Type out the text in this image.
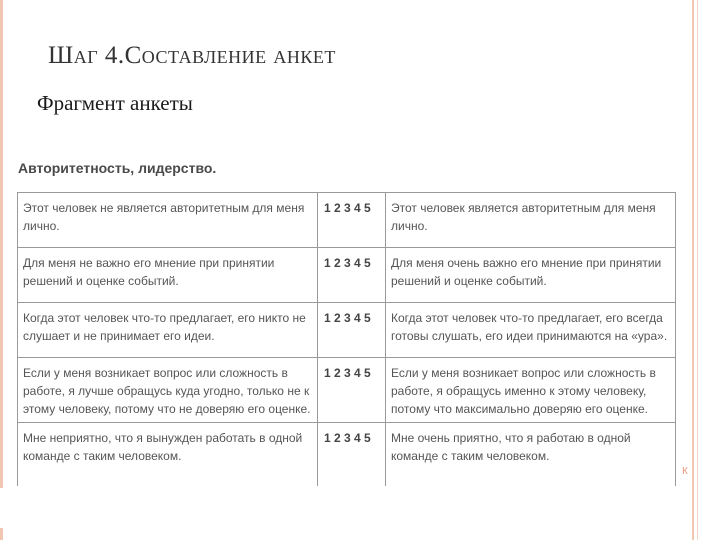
Шаг 4.Составление анкет
Фрагмент анкеты
Авторитетность, лидерство.
Этот человек не является авторитетным для меня лично.	1 2 3 4 5	Этот человек является авторитетным для меня лично.
Для меня не важно его мнение при принятии решений и оценке событий.	1 2 3 4 5	Для меня очень важно его мнение при принятии решений и оценке событий.
Когда этот человек что-то предлагает, его никто не слушает и не принимает его идеи.	1 2 3 4 5	Когда этот человек что-то предлагает, его всегда готовы слушать, его идеи принимаются на «ура».
Если у меня возникает вопрос или сложность в работе, я лучше обращусь куда угодно, только не к этому человеку, потому что не доверяю его оценке.	1 2 3 4 5	Если у меня возникает вопрос или сложность в работе, я обращусь именно к этому человеку, потому что максимально доверяю его оценке.
Мне неприятно, что я вынужден работать в одной команде с таким человеком.	1 2 3 4 5	Мне очень приятно, что я работаю в одной команде с таким человеком.
к
